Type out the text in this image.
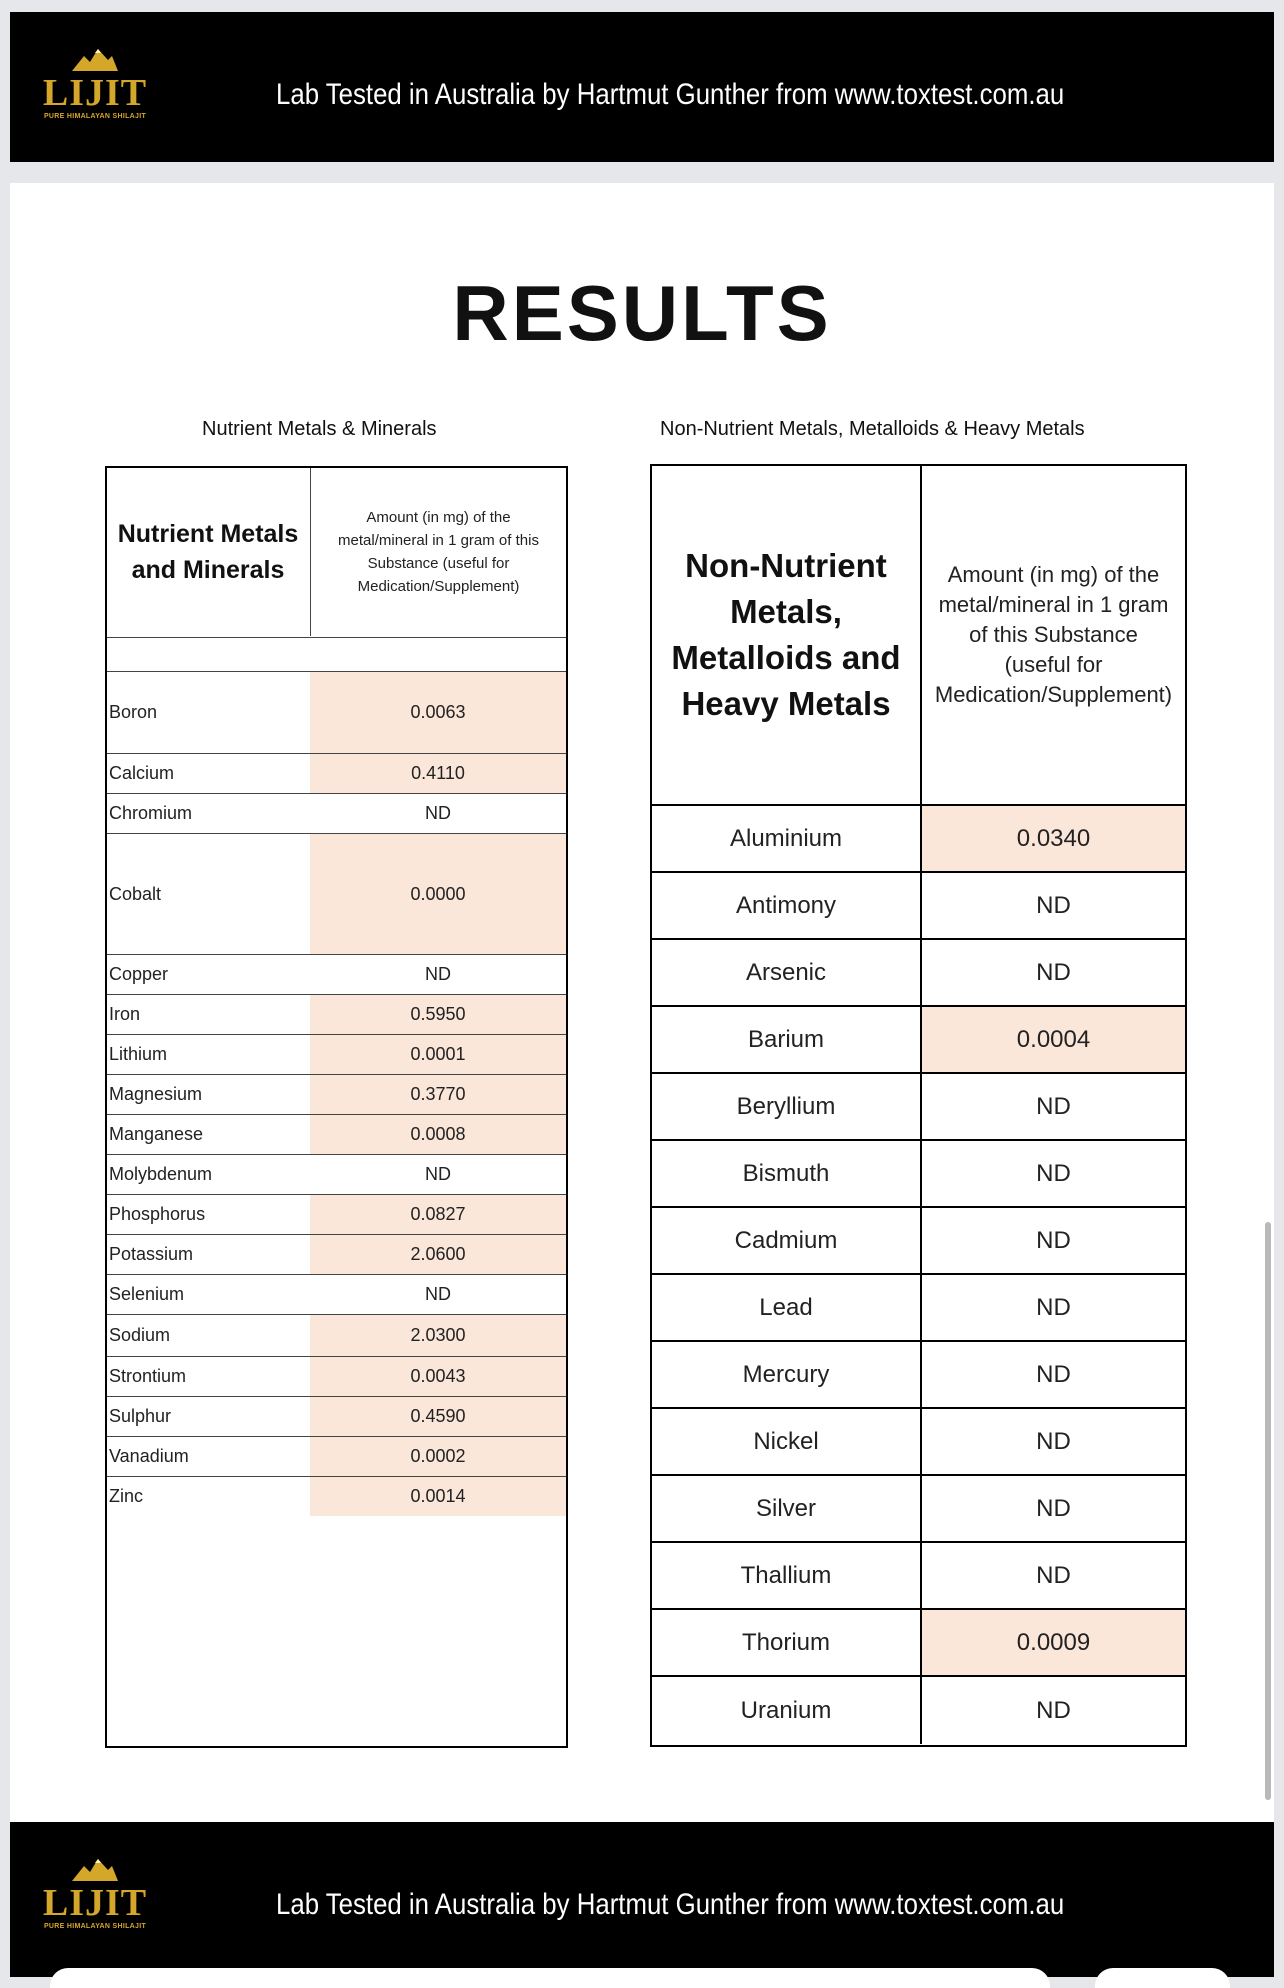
LIJIT
PURE HIMALAYAN SHILAJIT
Lab Tested in Australia by Hartmut Gunther from www.toxtest.com.au
RESULTS
Nutrient Metals & Minerals	Non-Nutrient Metals, Metalloids & Heavy Metals
Nutrient Metals and Minerals
Amount (in mg) of the metal/mineral in 1 gram of this Substance (useful for Medication/Supplement)
Boron	0.0063
Calcium	0.4110
Chromium	ND
Cobalt	0.0000
Copper	ND
Iron	0.5950
Lithium	0.0001
Magnesium	0.3770
Manganese	0.0008
Molybdenum	ND
Phosphorus	0.0827
Potassium	2.0600
Selenium	ND
Sodium	2.0300
Strontium	0.0043
Sulphur	0.4590
Vanadium	0.0002
Zinc	0.0014
Non-Nutrient Metals, Metalloids and Heavy Metals
Amount (in mg) of the metal/mineral in 1 gram of this Substance (useful for Medication/Supplement)
Aluminium	0.0340
Antimony	ND
Arsenic	ND
Barium	0.0004
Beryllium	ND
Bismuth	ND
Cadmium	ND
Lead	ND
Mercury	ND
Nickel	ND
Silver	ND
Thallium	ND
Thorium	0.0009
Uranium	ND
LIJIT
PURE HIMALAYAN SHILAJIT
Lab Tested in Australia by Hartmut Gunther from www.toxtest.com.au
